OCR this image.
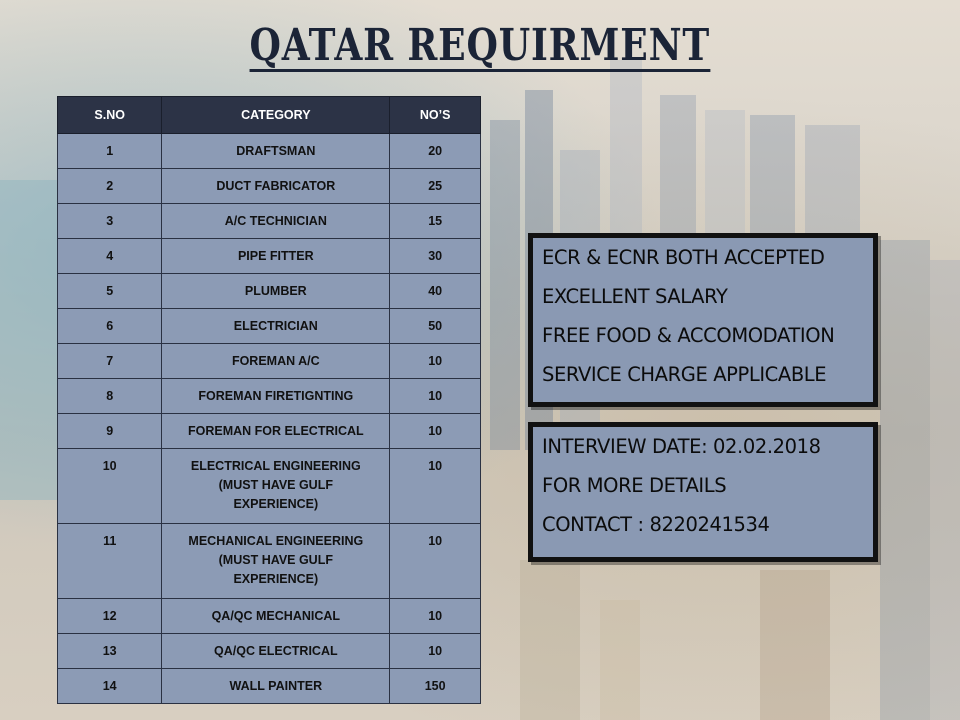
QATAR REQUIRMENT
S.NO	CATEGORY	NO’S
1	DRAFTSMAN	20
2	DUCT FABRICATOR	25
3	A/C TECHNICIAN	15
4	PIPE FITTER	30
5	PLUMBER	40
6	ELECTRICIAN	50
7	FOREMAN A/C	10
8	FOREMAN FIRETIGNTING	10
9	FOREMAN FOR ELECTRICAL	10
10	ELECTRICAL ENGINEERING
(MUST HAVE GULF
EXPERIENCE)	10
11	MECHANICAL ENGINEERING
(MUST HAVE GULF
EXPERIENCE)	10
12	QA/QC MECHANICAL	10
13	QA/QC ELECTRICAL	10
14	WALL PAINTER	150
ECR & ECNR BOTH ACCEPTED
EXCELLENT SALARY
FREE FOOD & ACCOMODATION
SERVICE CHARGE APPLICABLE
INTERVIEW DATE: 02.02.2018
FOR MORE DETAILS
CONTACT : 8220241534
